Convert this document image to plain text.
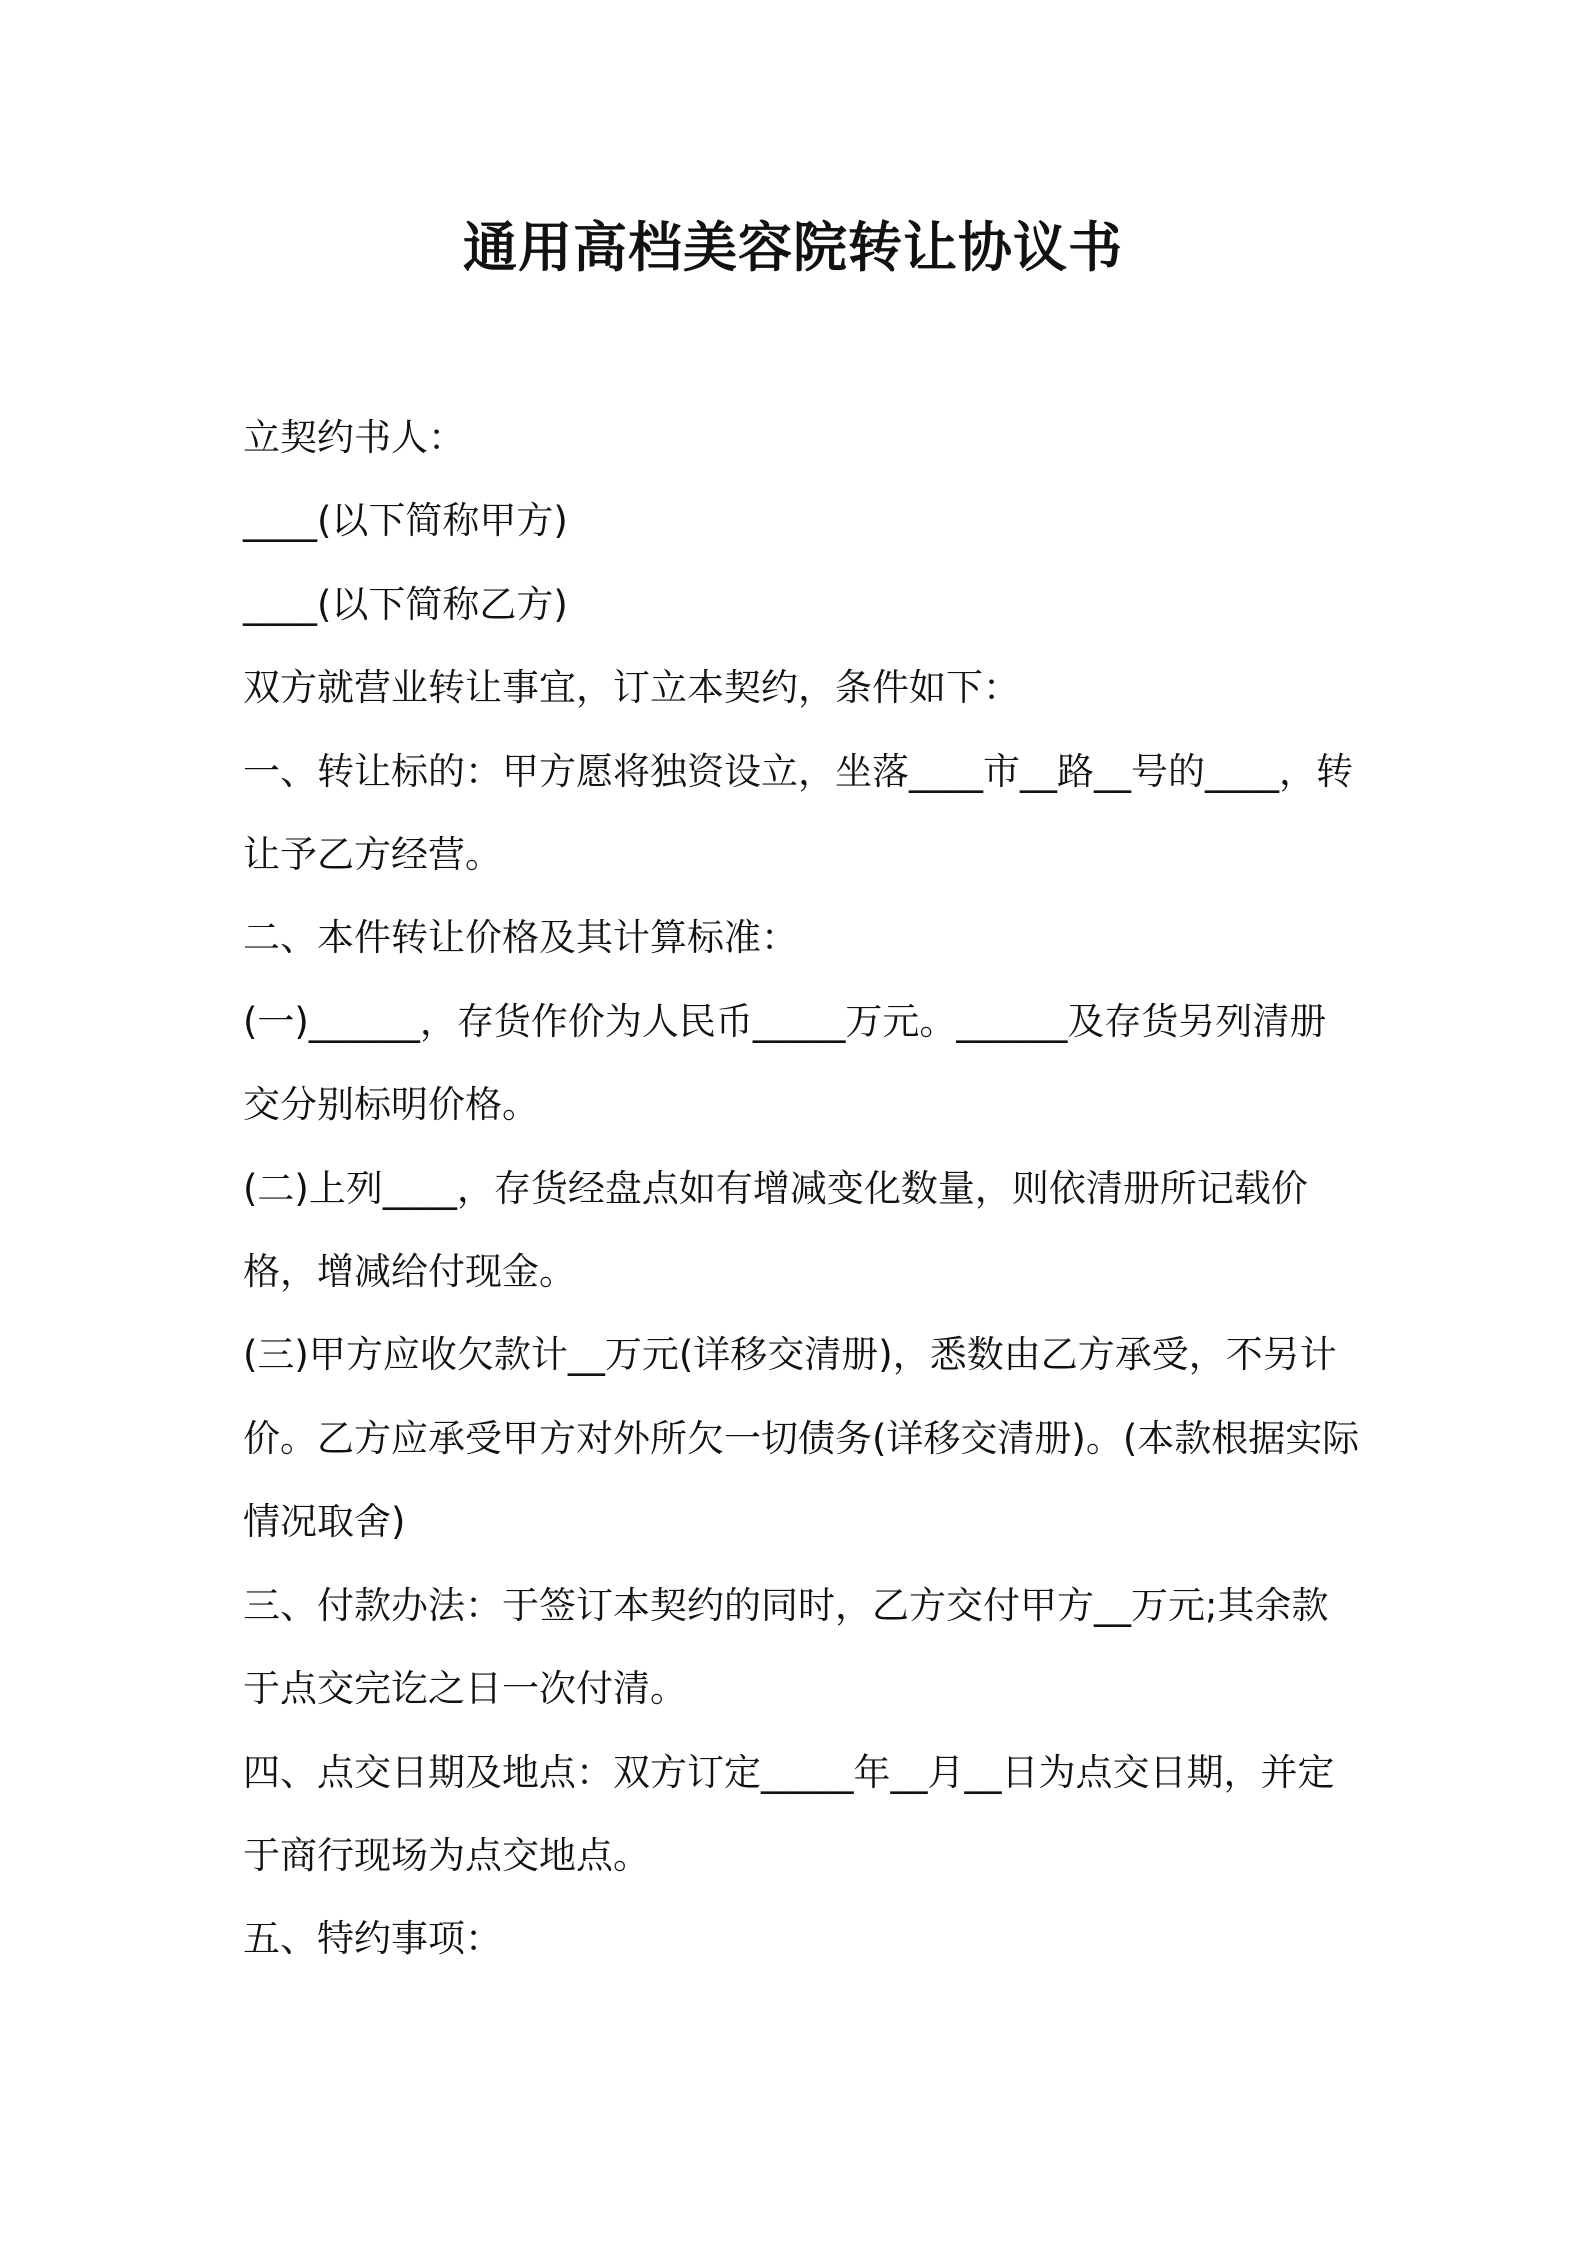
通用高档美容院转让协议书

立契约书人：

____(以下简称甲方)

____(以下简称乙方)

双方就营业转让事宜，订立本契约，条件如下：

一、转让标的：甲方愿将独资设立，坐落____市__路__号的____，转让予乙方经营。

二、本件转让价格及其计算标准：

(一)______，存货作价为人民币_____万元。______及存货另列清册交分别标明价格。

(二)上列____，存货经盘点如有增减变化数量，则依清册所记载价格，增减给付现金。

(三)甲方应收欠款计__万元(详移交清册)，悉数由乙方承受，不另计价。乙方应承受甲方对外所欠一切债务(详移交清册)。(本款根据实际情况取舍)

三、付款办法：于签订本契约的同时，乙方交付甲方__万元;其余款于点交完讫之日一次付清。

四、点交日期及地点：双方订定_____年__月__日为点交日期，并定于商行现场为点交地点。

五、特约事项：
